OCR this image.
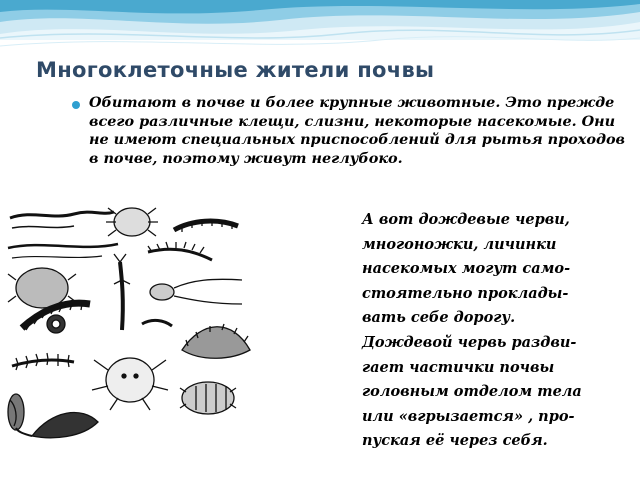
Многоклеточные жители почвы
Обитают в почве и более крупные животные. Это прежде всего различные клещи, слизни, некоторые насекомые. Они не имеют специальных приспособлений для рытья проходов в почве, поэтому живут неглубоко.
А вот дождевые черви,
многоножки, личинки
насекомых могут само-
стоятельно проклады-
вать себе дорогу.
Дождевой червь раздви-
гает частички почвы
головным отделом тела
или «вгрызается» , про-
пуская её через себя.
